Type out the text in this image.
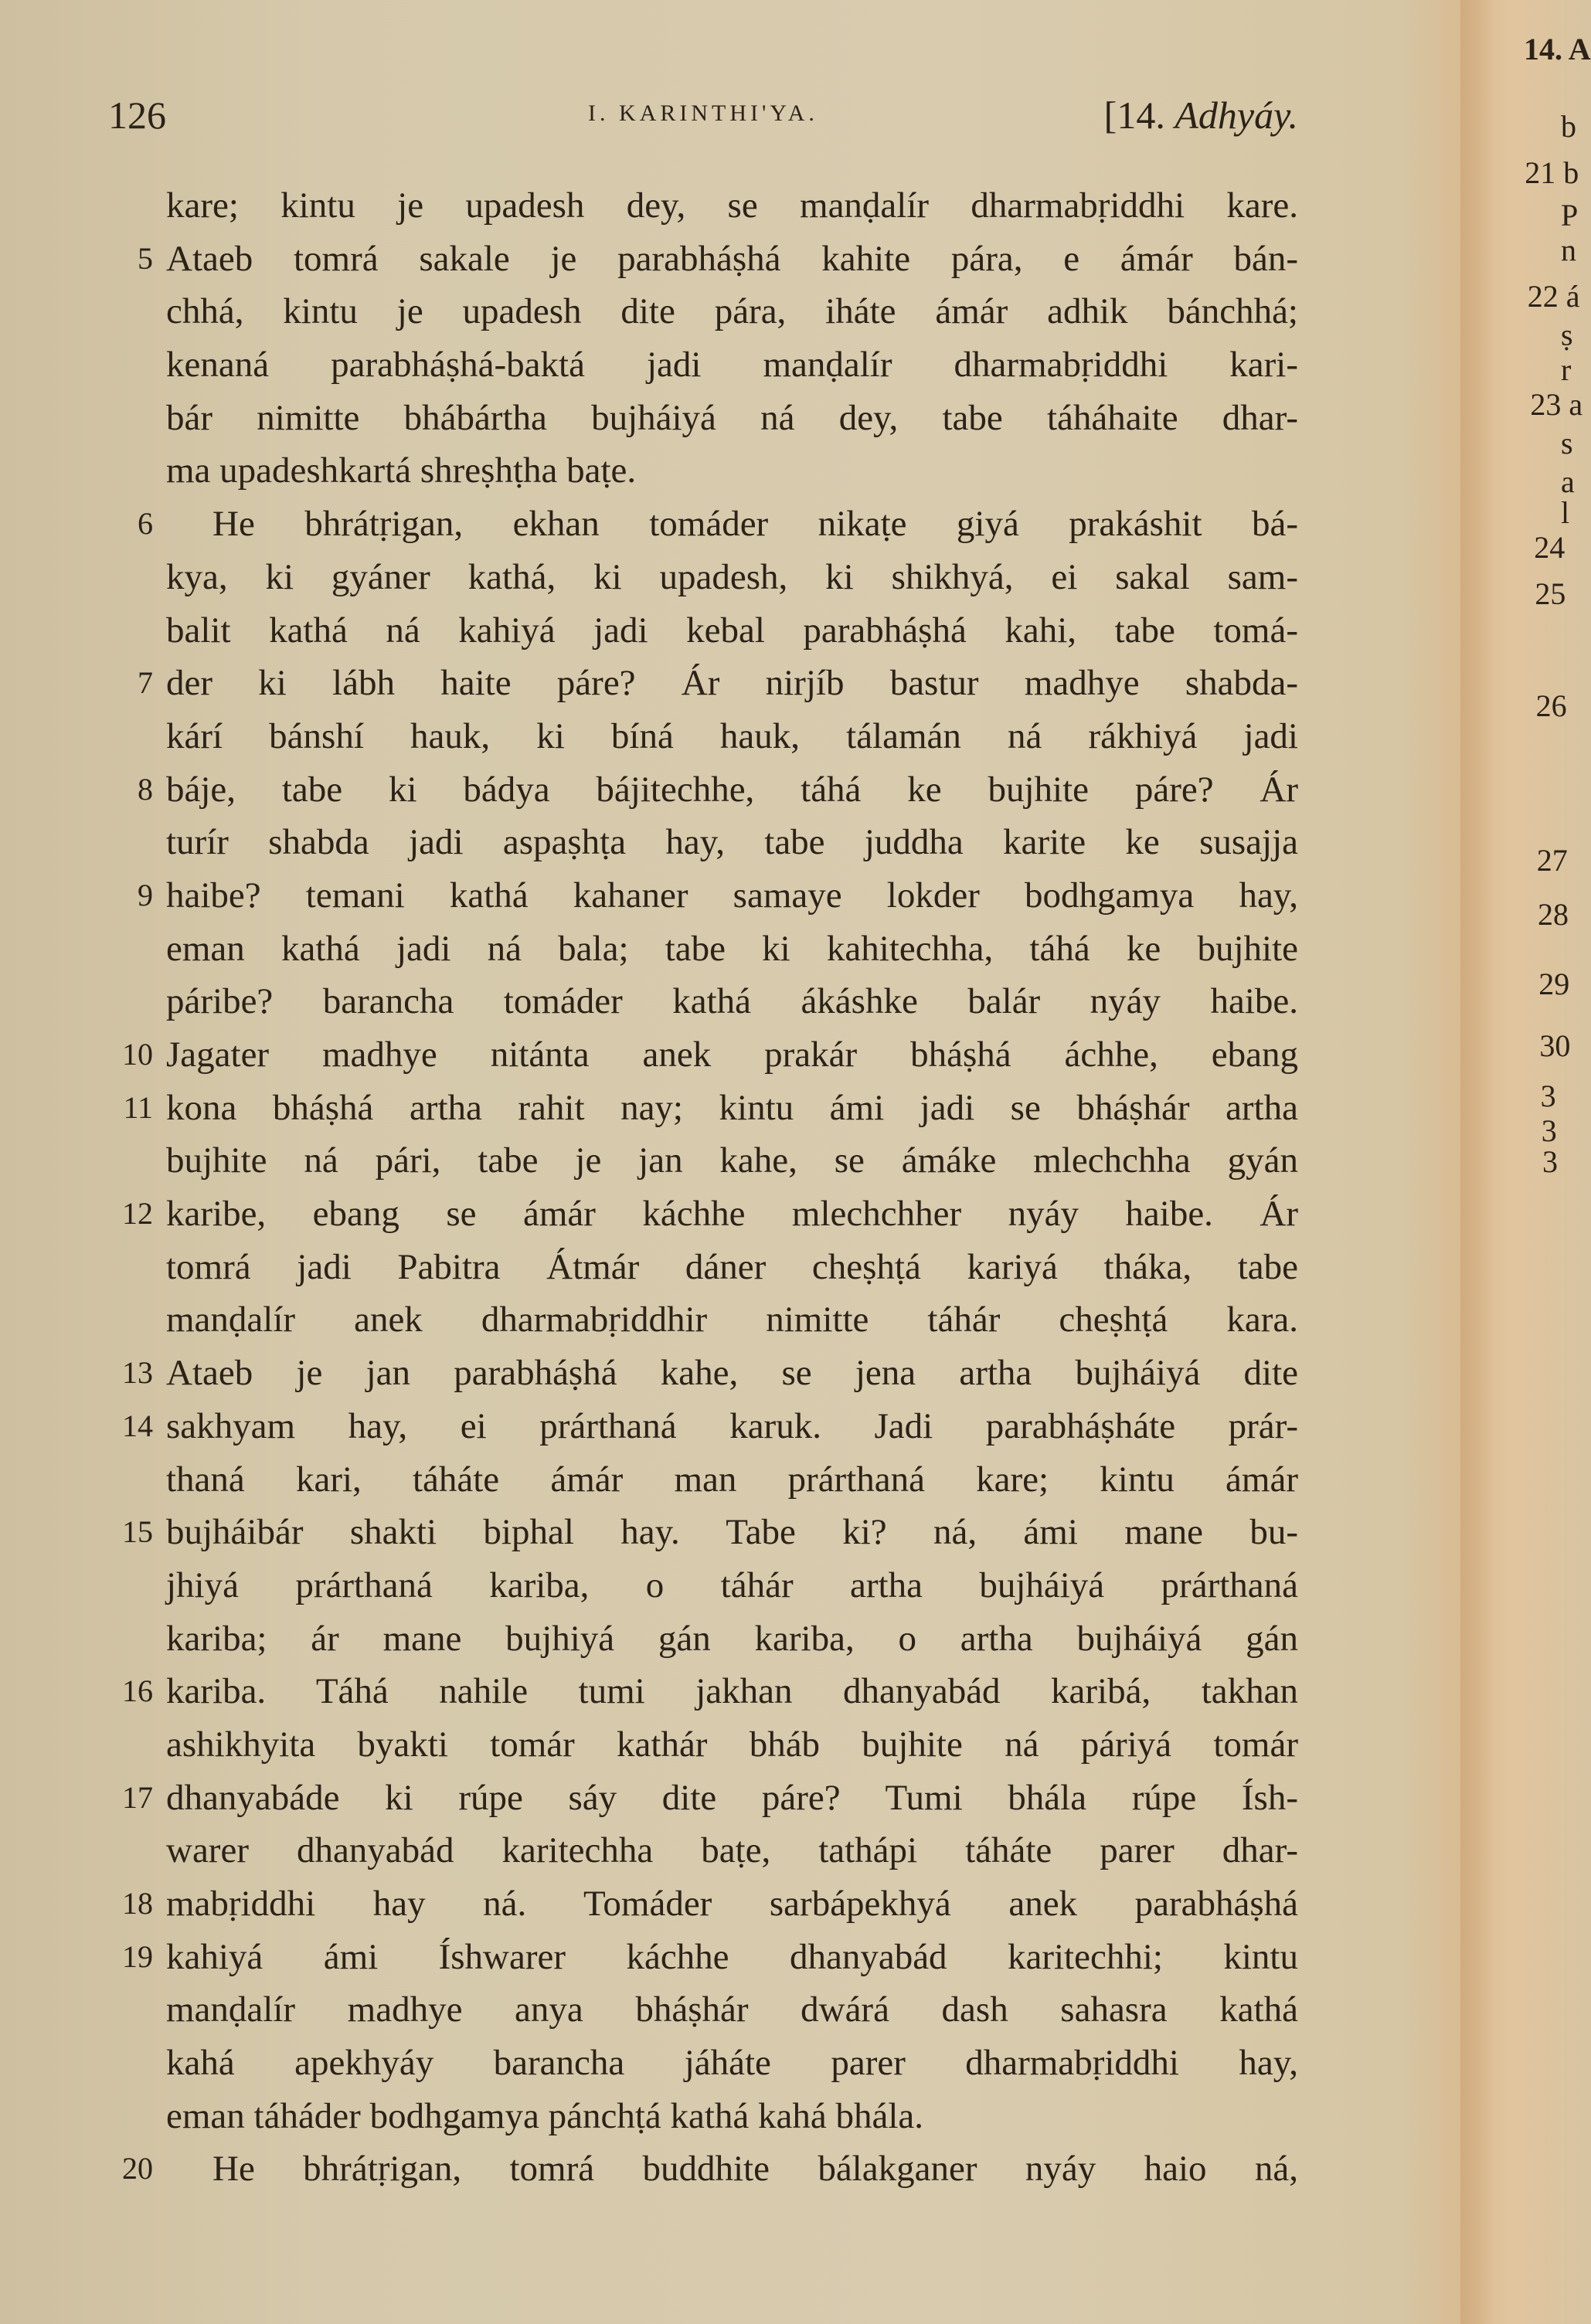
126	I. KARINTHI'YA.	[14. Adhyáy.
kare; kintu je upadesh dey, se manḍalír dharmabṛiddhi kare.
5 Ataeb tomrá sakale je parabháṣhá kahite pára, e ámár bán-
chhá, kintu je upadesh dite pára, iháte ámár adhik bánchhá;
kenaná parabháṣhá-baktá jadi manḍalír dharmabṛiddhi kari-
bár nimitte bhábártha bujháiyá ná dey, tabe táháhaite dhar-
ma upadeshkartá shreṣhṭha baṭe.
6 He bhrátṛigan, ekhan tomáder nikaṭe giyá prakáshit bá-
kya, ki gyáner kathá, ki upadesh, ki shikhyá, ei sakal sam-
balit kathá ná kahiyá jadi kebal parabháṣhá kahi, tabe tomá-
7 der ki lábh haite páre? Ár nirjíb bastur madhye shabda-
kárí bánshí hauk, ki bíná hauk, tálamán ná rákhiyá jadi
8 báje, tabe ki bádya bájitechhe, táhá ke bujhite páre? Ár
turír shabda jadi aspaṣhṭa hay, tabe juddha karite ke susajja
9 haibe? temani kathá kahaner samaye lokder bodhgamya hay,
eman kathá jadi ná bala; tabe ki kahitechha, táhá ke bujhite
páribe? barancha tomáder kathá ákáshke balár nyáy haibe.
10 Jagater madhye nitánta anek prakár bháṣhá áchhe, ebang
11 kona bháṣhá artha rahit nay; kintu ámi jadi se bháṣhár artha
bujhite ná pári, tabe je jan kahe, se ámáke mlechchha gyán
12 karibe, ebang se ámár káchhe mlechchher nyáy haibe. Ár
tomrá jadi Pabitra Átmár dáner cheṣhṭá kariyá tháka, tabe
manḍalír anek dharmabṛiddhir nimitte táhár cheṣhṭá kara.
13 Ataeb je jan parabháṣhá kahe, se jena artha bujháiyá dite
14 sakhyam hay, ei prárthaná karuk. Jadi parabháṣháte prár-
thaná kari, táháte ámár man prárthaná kare; kintu ámár
15 bujháibár shakti biphal hay. Tabe ki? ná, ámi mane bu-
jhiyá prárthaná kariba, o táhár artha bujháiyá prárthaná
kariba; ár mane bujhiyá gán kariba, o artha bujháiyá gán
16 kariba. Táhá nahile tumi jakhan dhanyabád karibá, takhan
ashikhyita byakti tomár kathár bháb bujhite ná páriyá tomár
17 dhanyabáde ki rúpe sáy dite páre? Tumi bhála rúpe Ísh-
warer dhanyabád karitechha baṭe, tathápi táháte parer dhar-
18 mabṛiddhi hay ná. Tomáder sarbápekhyá anek parabháṣhá
19 kahiyá ámi Íshwarer káchhe dhanyabád karitechhi; kintu
manḍalír madhye anya bháṣhár dwárá dash sahasra kathá
kahá apekhyáy barancha jáháte parer dharmabṛiddhi hay,
eman táháder bodhgamya pánchṭá kathá kahá bhála.
20 He bhrátṛigan, tomrá buddhite bálakganer nyáy haio ná,
14. A
b
21 b
P
n
22 á
ṣ
r
23 a
s
a
l
24
25
26
27
28
29
30
3
3
3
